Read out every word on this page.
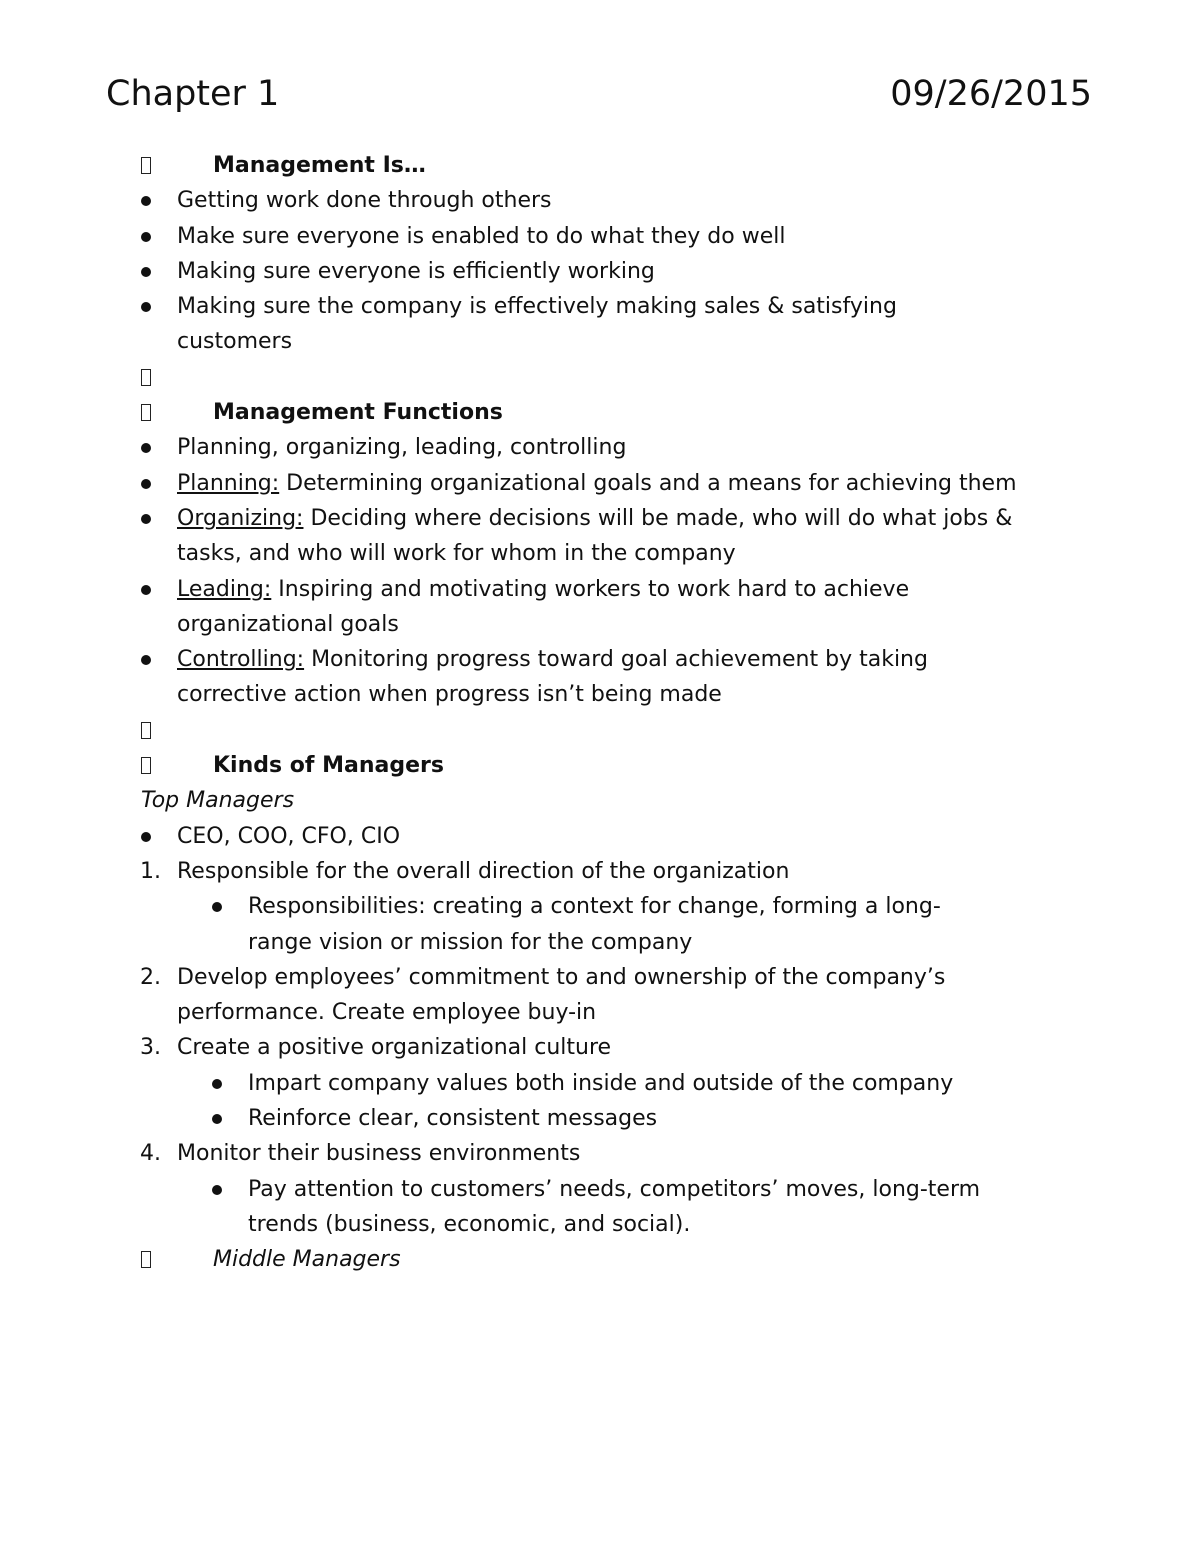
Chapter 1	09/26/2015
Management Is…
Getting work done through others
Make sure everyone is enabled to do what they do well
Making sure everyone is efficiently working
Making sure the company is effectively making sales & satisfying customers
Management Functions
Planning, organizing, leading, controlling
Planning: Determining organizational goals and a means for achieving them
Organizing: Deciding where decisions will be made, who will do what jobs & tasks, and who will work for whom in the company
Leading: Inspiring and motivating workers to work hard to achieve organizational goals
Controlling: Monitoring progress toward goal achievement by taking corrective action when progress isn’t being made
Kinds of Managers
Top Managers
CEO, COO, CFO, CIO
1. Responsible for the overall direction of the organization
Responsibilities: creating a context for change, forming a long-range vision or mission for the company
2. Develop employees’ commitment to and ownership of the company’s performance. Create employee buy-in
3. Create a positive organizational culture
Impart company values both inside and outside of the company
Reinforce clear, consistent messages
4. Monitor their business environments
Pay attention to customers’ needs, competitors’ moves, long-term trends (business, economic, and social).
Middle Managers
